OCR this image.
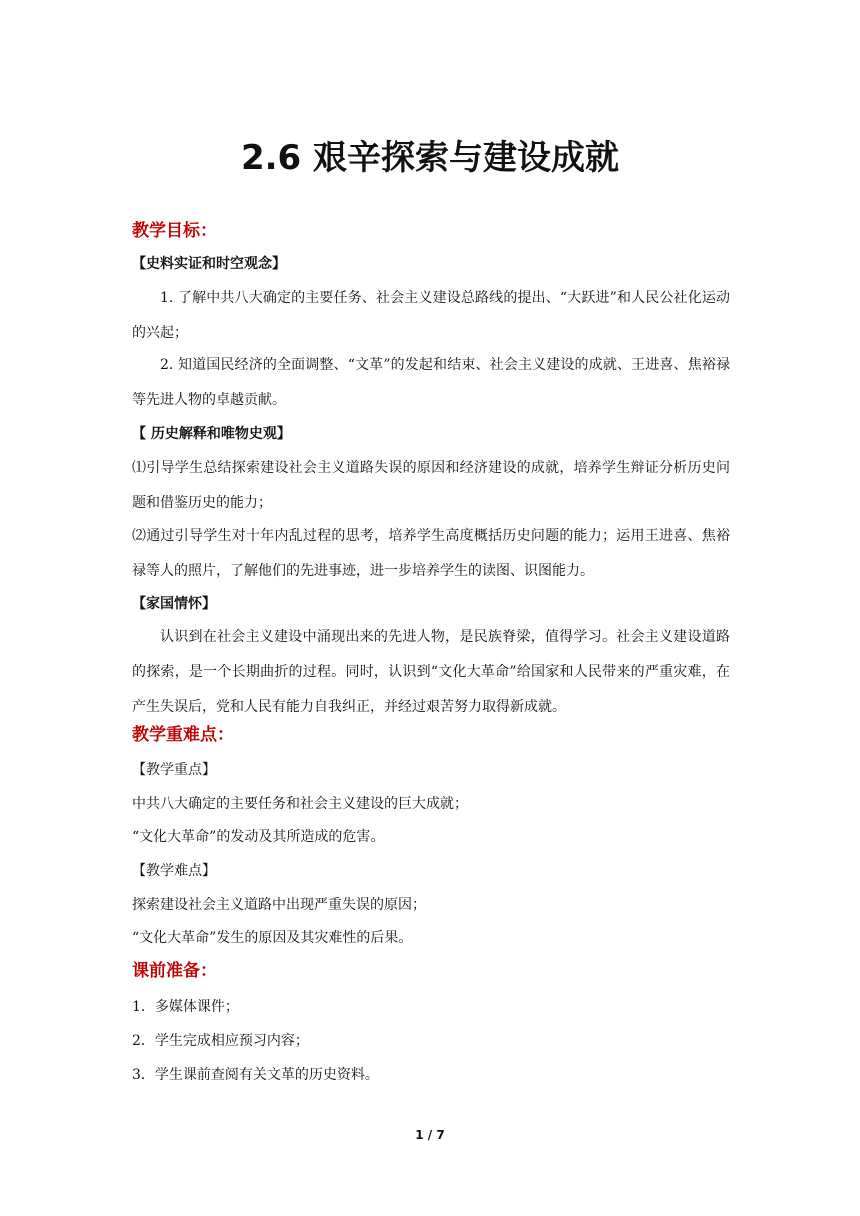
2.6 艰辛探索与建设成就
教学目标：
【史料实证和时空观念】
1. 了解中共八大确定的主要任务、社会主义建设总路线的提出、“大跃进”和人民公社化运动的兴起；
2. 知道国民经济的全面调整、“文革”的发起和结束、社会主义建设的成就、王进喜、焦裕禄等先进人物的卓越贡献。
【 历史解释和唯物史观】
⑴引导学生总结探索建设社会主义道路失误的原因和经济建设的成就，培养学生辩证分析历史问题和借鉴历史的能力；
⑵通过引导学生对十年内乱过程的思考，培养学生高度概括历史问题的能力；运用王进喜、焦裕禄等人的照片，了解他们的先进事迹，进一步培养学生的读图、识图能力。
【家国情怀】
认识到在社会主义建设中涌现出来的先进人物，是民族脊梁，值得学习。社会主义建设道路的探索，是一个长期曲折的过程。同时，认识到“文化大革命”给国家和人民带来的严重灾难，在产生失误后，党和人民有能力自我纠正，并经过艰苦努力取得新成就。
教学重难点：
【教学重点】
中共八大确定的主要任务和社会主义建设的巨大成就；
“文化大革命”的发动及其所造成的危害。
【教学难点】
探索建设社会主义道路中出现严重失误的原因；
“文化大革命”发生的原因及其灾难性的后果。
课前准备：
1．多媒体课件；
2．学生完成相应预习内容；
3．学生课前查阅有关文革的历史资料。
1 / 7
